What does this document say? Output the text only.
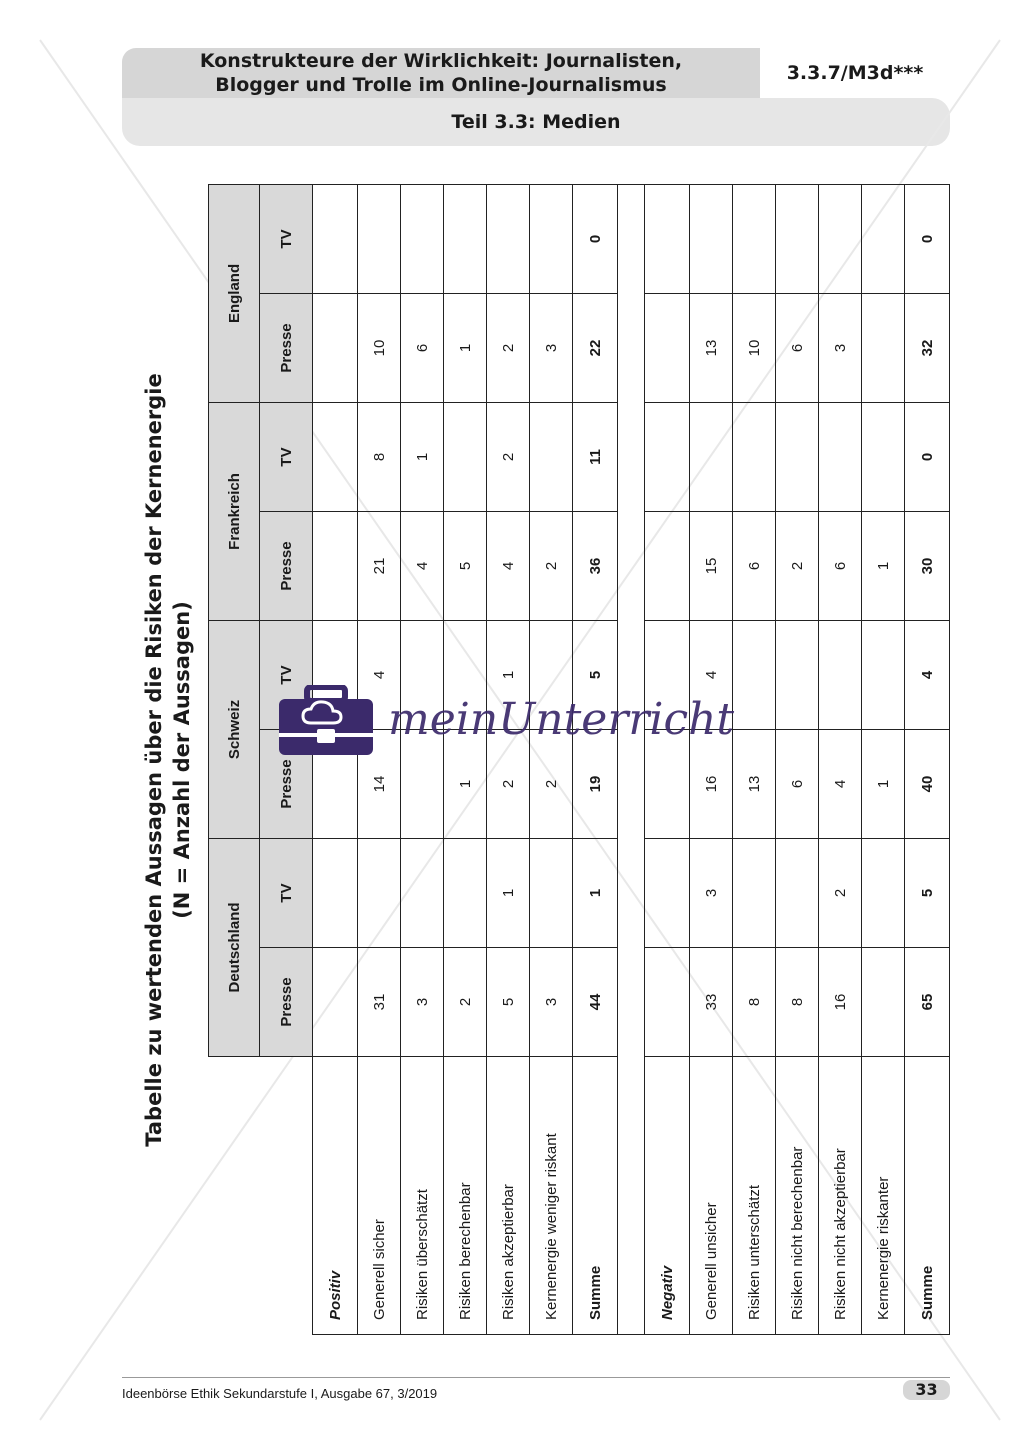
Konstrukteure der Wirklichkeit: Journalisten,
Blogger und Trolle im Online-Journalismus
3.3.7/M3d***
Teil 3.3: Medien
Tabelle zu wertenden Aussagen über die Risiken der Kernenergie (N = Anzahl der Aussagen)
	Deutschland		Schweiz		Frankreich		England	
	Presse	TV	Presse	TV	Presse	TV	Presse	TV
Positiv								
Generell sicher	31		14	4	21	8	10	
Risiken überschätzt	3				4	1	6	
Risiken berechenbar	2		1		5		1	
Risiken akzeptierbar	5	1	2	1	4	2	2	
Kernenergie weniger riskant	3		2		2		3	
Summe	44	1	19	5	36	11	22	0

Negativ								
Generell unsicher	33	3	16	4	15		13	
Risiken unterschätzt	8		13		6		10	
Risiken nicht berechenbar	8		6		2		6	
Risiken nicht akzeptierbar	16	2	4		6		3	
Kernenergie riskanter			1		1			
Summe	65	5	40	4	30	0	32	0
meinUnterricht
Ideenbörse Ethik Sekundarstufe I, Ausgabe 67, 3/2019	33
